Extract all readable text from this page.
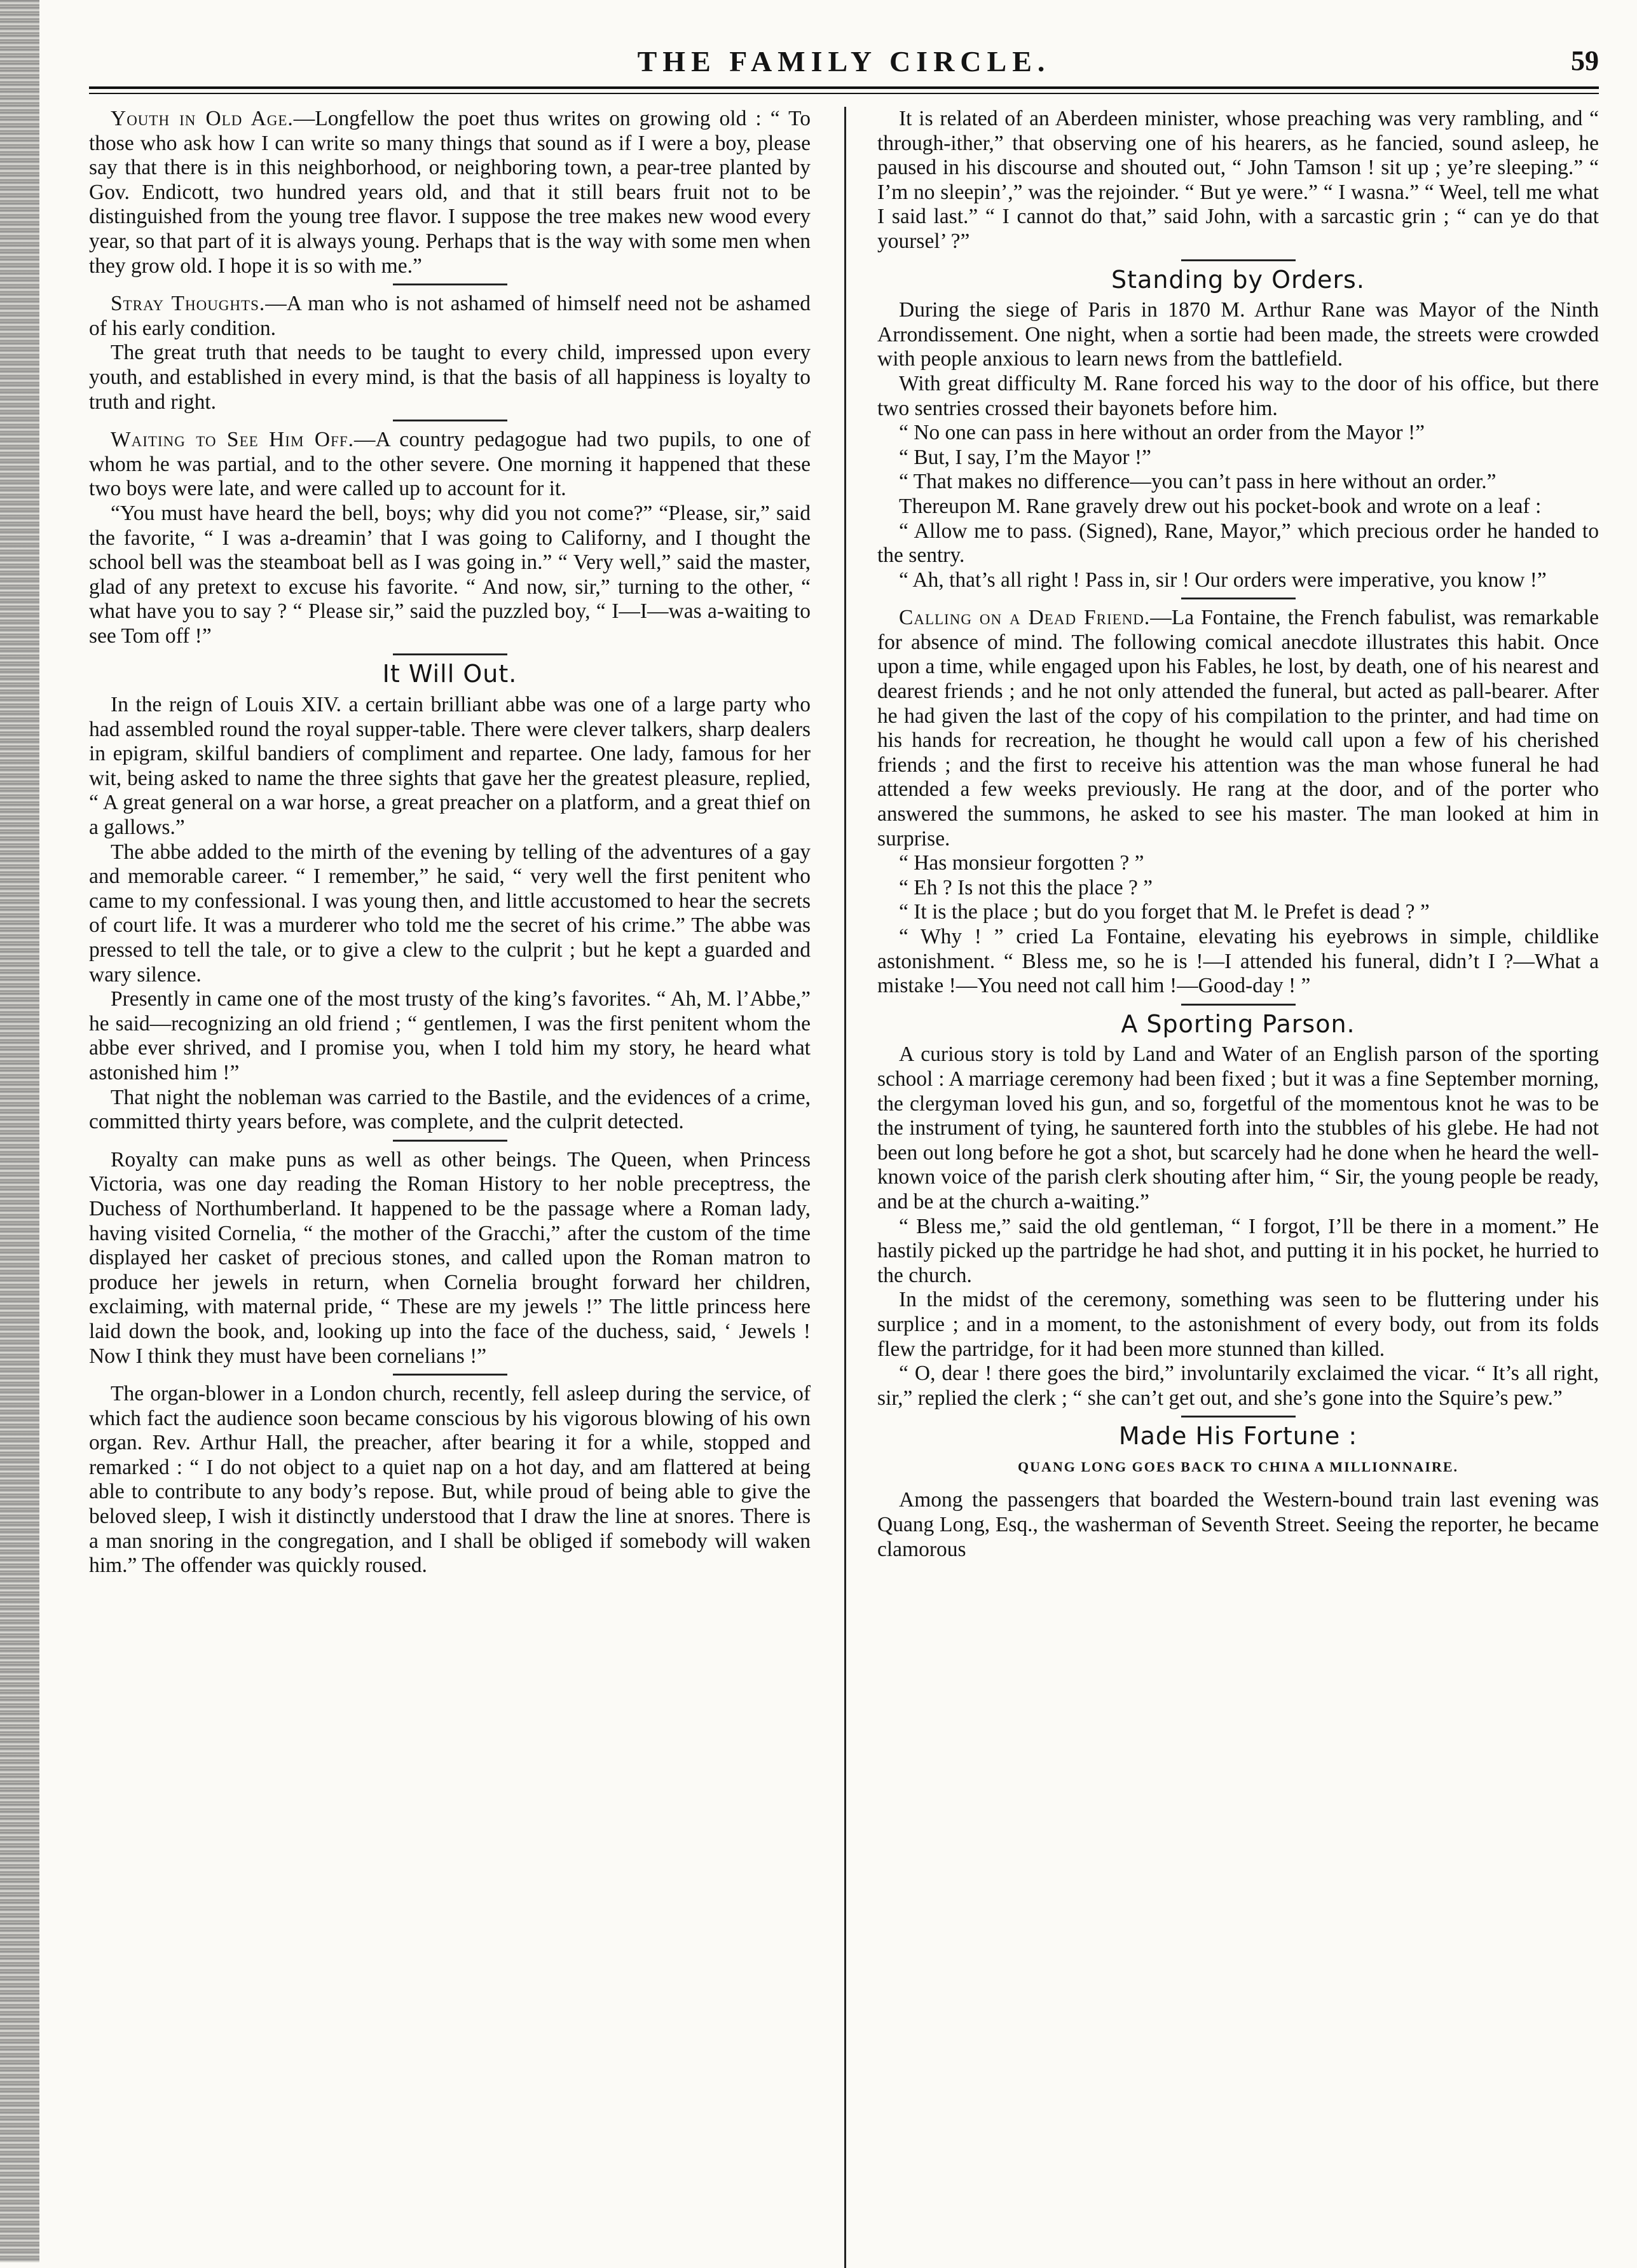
THE FAMILY CIRCLE.	59

Youth in Old Age.—Longfellow the poet thus writes on growing old : “ To those who ask how I can write so many things that sound as if I were a boy, please say that there is in this neighborhood, or neighboring town, a pear-tree planted by Gov. Endicott, two hundred years old, and that it still bears fruit not to be distinguished from the young tree flavor. I suppose the tree makes new wood every year, so that part of it is always young. Perhaps that is the way with some men when they grow old. I hope it is so with me.”

Stray Thoughts.—A man who is not ashamed of himself need not be ashamed of his early condition.

The great truth that needs to be taught to every child, impressed upon every youth, and established in every mind, is that the basis of all happiness is loyalty to truth and right.

Waiting to See Him Off.—A country pedagogue had two pupils, to one of whom he was partial, and to the other severe. One morning it happened that these two boys were late, and were called up to account for it.

“You must have heard the bell, boys; why did you not come?” “Please, sir,” said the favorite, “ I was a-dreamin’ that I was going to Californy, and I thought the school bell was the steamboat bell as I was going in.” “ Very well,” said the master, glad of any pretext to excuse his favorite. “ And now, sir,” turning to the other, “ what have you to say ? “ Please sir,” said the puzzled boy, “ I—I—was a-waiting to see Tom off !”

It Will Out.

In the reign of Louis XIV. a certain brilliant abbe was one of a large party who had assembled round the royal supper-table. There were clever talkers, sharp dealers in epigram, skilful bandiers of compliment and repartee. One lady, famous for her wit, being asked to name the three sights that gave her the greatest pleasure, replied, “ A great general on a war horse, a great preacher on a platform, and a great thief on a gallows.”

The abbe added to the mirth of the evening by telling of the adventures of a gay and memorable career. “ I remember,” he said, “ very well the first penitent who came to my confessional. I was young then, and little accustomed to hear the secrets of court life. It was a murderer who told me the secret of his crime.” The abbe was pressed to tell the tale, or to give a clew to the culprit ; but he kept a guarded and wary silence.

Presently in came one of the most trusty of the king’s favorites. “ Ah, M. l’Abbe,” he said—recognizing an old friend ; “ gentlemen, I was the first penitent whom the abbe ever shrived, and I promise you, when I told him my story, he heard what astonished him !”

That night the nobleman was carried to the Bastile, and the evidences of a crime, committed thirty years before, was complete, and the culprit detected.

Royalty can make puns as well as other beings. The Queen, when Princess Victoria, was one day reading the Roman History to her noble preceptress, the Duchess of Northumberland. It happened to be the passage where a Roman lady, having visited Cornelia, “ the mother of the Gracchi,” after the custom of the time displayed her casket of precious stones, and called upon the Roman matron to produce her jewels in return, when Cornelia brought forward her children, exclaiming, with maternal pride, “ These are my jewels !” The little princess here laid down the book, and, looking up into the face of the duchess, said, ‘ Jewels ! Now I think they must have been cornelians !”

The organ-blower in a London church, recently, fell asleep during the service, of which fact the audience soon became conscious by his vigorous blowing of his own organ. Rev. Arthur Hall, the preacher, after bearing it for a while, stopped and remarked : “ I do not object to a quiet nap on a hot day, and am flattered at being able to contribute to any body’s repose. But, while proud of being able to give the beloved sleep, I wish it distinctly understood that I draw the line at snores. There is a man snoring in the congregation, and I shall be obliged if somebody will waken him.” The offender was quickly roused.

It is related of an Aberdeen minister, whose preaching was very rambling, and “ through-ither,” that observing one of his hearers, as he fancied, sound asleep, he paused in his discourse and shouted out, “ John Tamson ! sit up ; ye’re sleeping.” “ I’m no sleepin’,” was the rejoinder. “ But ye were.” “ I wasna.” “ Weel, tell me what I said last.” “ I cannot do that,” said John, with a sarcastic grin ; “ can ye do that yoursel’ ?”

Standing by Orders.

During the siege of Paris in 1870 M. Arthur Rane was Mayor of the Ninth Arrondissement. One night, when a sortie had been made, the streets were crowded with people anxious to learn news from the battlefield.

With great difficulty M. Rane forced his way to the door of his office, but there two sentries crossed their bayonets before him.

“ No one can pass in here without an order from the Mayor !”

“ But, I say, I’m the Mayor !”

“ That makes no difference—you can’t pass in here without an order.”

Thereupon M. Rane gravely drew out his pocket-book and wrote on a leaf :

“ Allow me to pass. (Signed), Rane, Mayor,” which precious order he handed to the sentry.

“ Ah, that’s all right ! Pass in, sir ! Our orders were imperative, you know !”

Calling on a Dead Friend.—La Fontaine, the French fabulist, was remarkable for absence of mind. The following comical anecdote illustrates this habit. Once upon a time, while engaged upon his Fables, he lost, by death, one of his nearest and dearest friends ; and he not only attended the funeral, but acted as pall-bearer. After he had given the last of the copy of his compilation to the printer, and had time on his hands for recreation, he thought he would call upon a few of his cherished friends ; and the first to receive his attention was the man whose funeral he had attended a few weeks previously. He rang at the door, and of the porter who answered the summons, he asked to see his master. The man looked at him in surprise.

“ Has monsieur forgotten ? ”

“ Eh ? Is not this the place ? ”

“ It is the place ; but do you forget that M. le Prefet is dead ? ”

“ Why ! ” cried La Fontaine, elevating his eyebrows in simple, childlike astonishment. “ Bless me, so he is !—I attended his funeral, didn’t I ?—What a mistake !—You need not call him !—Good-day ! ”

A Sporting Parson.

A curious story is told by Land and Water of an English parson of the sporting school : A marriage ceremony had been fixed ; but it was a fine September morning, the clergyman loved his gun, and so, forgetful of the momentous knot he was to be the instrument of tying, he sauntered forth into the stubbles of his glebe. He had not been out long before he got a shot, but scarcely had he done when he heard the well-known voice of the parish clerk shouting after him, “ Sir, the young people be ready, and be at the church a-waiting.”

“ Bless me,” said the old gentleman, “ I forgot, I’ll be there in a moment.” He hastily picked up the partridge he had shot, and putting it in his pocket, he hurried to the church.

In the midst of the ceremony, something was seen to be fluttering under his surplice ; and in a moment, to the astonishment of every body, out from its folds flew the partridge, for it had been more stunned than killed.

“ O, dear ! there goes the bird,” involuntarily exclaimed the vicar. “ It’s all right, sir,” replied the clerk ; “ she can’t get out, and she’s gone into the Squire’s pew.”

Made His Fortune :
QUANG LONG GOES BACK TO CHINA A MILLIONNAIRE.

Among the passengers that boarded the Western-bound train last evening was Quang Long, Esq., the washerman of Seventh Street. Seeing the reporter, he became clamorous
